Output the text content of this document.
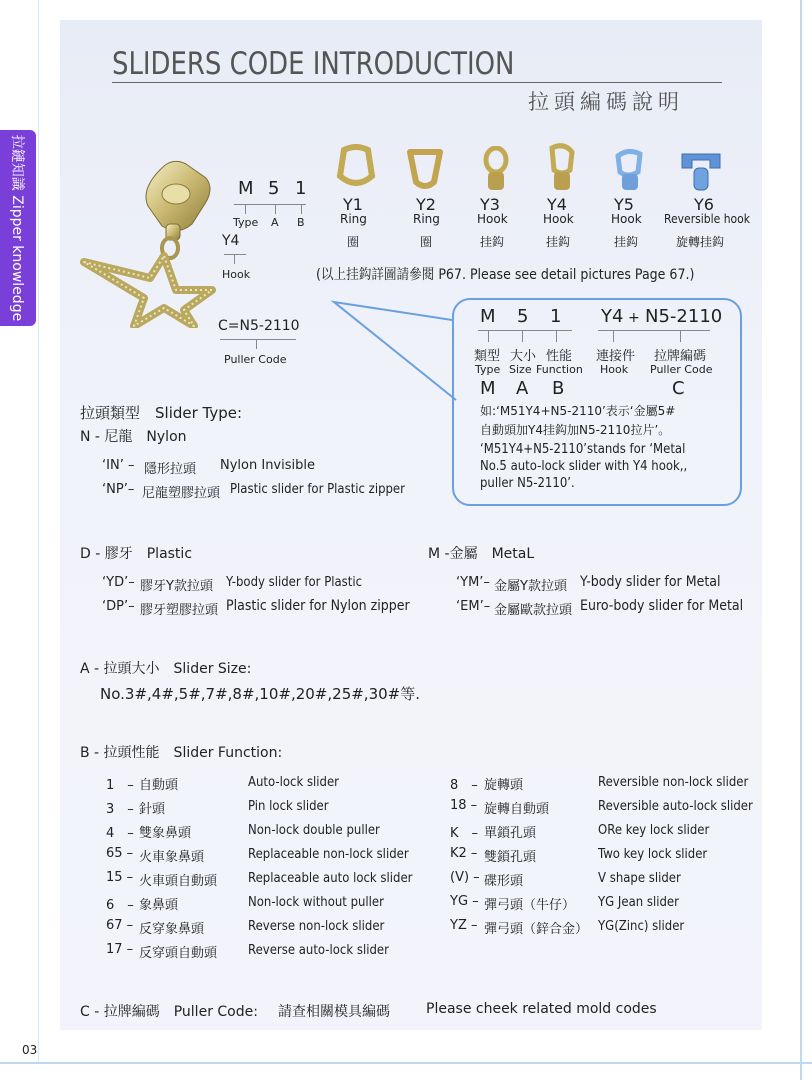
拉鏈知識 Zipper knowledge
SLIDERS CODE INTRODUCTION
拉頭編碼說明
M 5 1
Type A B
Y4
Hook
C=N5-2110
Puller Code
Y1
Ring
圈
Y2
Ring
圈
Y3
Hook
挂鈎
Y4
Hook
挂鈎
Y5
Hook
挂鈎
Y6
Reversible hook
旋轉挂鈎
(以上挂鈎詳圖請參閱 P67. Please see detail pictures Page 67.)
M 5 1 Y4 + N5-2110
類型 大小 性能 連接件 拉牌編碼
Type Size Function Hook Puller Code
M A B	C
如:‘M51Y4+N5-2110’表示‘金屬5#
自動頭加Y4挂鈎加N5-2110拉片’。
‘M51Y4+N5-2110’stands for ‘Metal
No.5 auto-lock slider with Y4 hook,,
puller N5-2110’.
拉頭類型　Slider Type:
N - 尼龍　Nylon
‘IN’ – 隱形拉頭 Nylon Invisible
‘NP’– 尼龍塑膠拉頭 Plastic slider for Plastic zipper
D - 膠牙　Plastic
‘YD’– 膠牙Y款拉頭 Y-body slider for Plastic
‘DP’– 膠牙塑膠拉頭 Plastic slider for Nylon zipper
M -金屬　MetaL
‘YM’– 金屬Y款拉頭 Y-body slider for Metal
‘EM’– 金屬歐款拉頭 Euro-body slider for Metal
A - 拉頭大小　Slider Size:
No.3#,4#,5#,7#,8#,10#,20#,25#,30#等.
B - 拉頭性能　Slider Function:
1　– 自動頭	Auto-lock slider
3　– 針頭	Pin lock slider
4　– 雙象鼻頭	Non-lock double puller
65 – 火車象鼻頭	Replaceable non-lock slider
15 – 火車頭自動頭 Replaceable auto lock slider
6　– 象鼻頭	Non-lock without puller
67 – 反穿象鼻頭	Reverse non-lock slider
17 – 反穿頭自動頭 Reverse auto-lock slider
8　– 旋轉頭	Reversible non-lock slider
18 – 旋轉自動頭	Reversible auto-lock slider
K　– 單鎖孔頭	ORe key lock slider
K2 – 雙鎖孔頭	Two key lock slider
(V) – 碟形頭	V shape slider
YG – 彈弓頭（牛仔） YG Jean slider
YZ – 彈弓頭（鋅合金） YG(Zinc) slider
C - 拉牌編碼　Puller Code: 請查相關模具編碼	Please cheek related mold codes
03
